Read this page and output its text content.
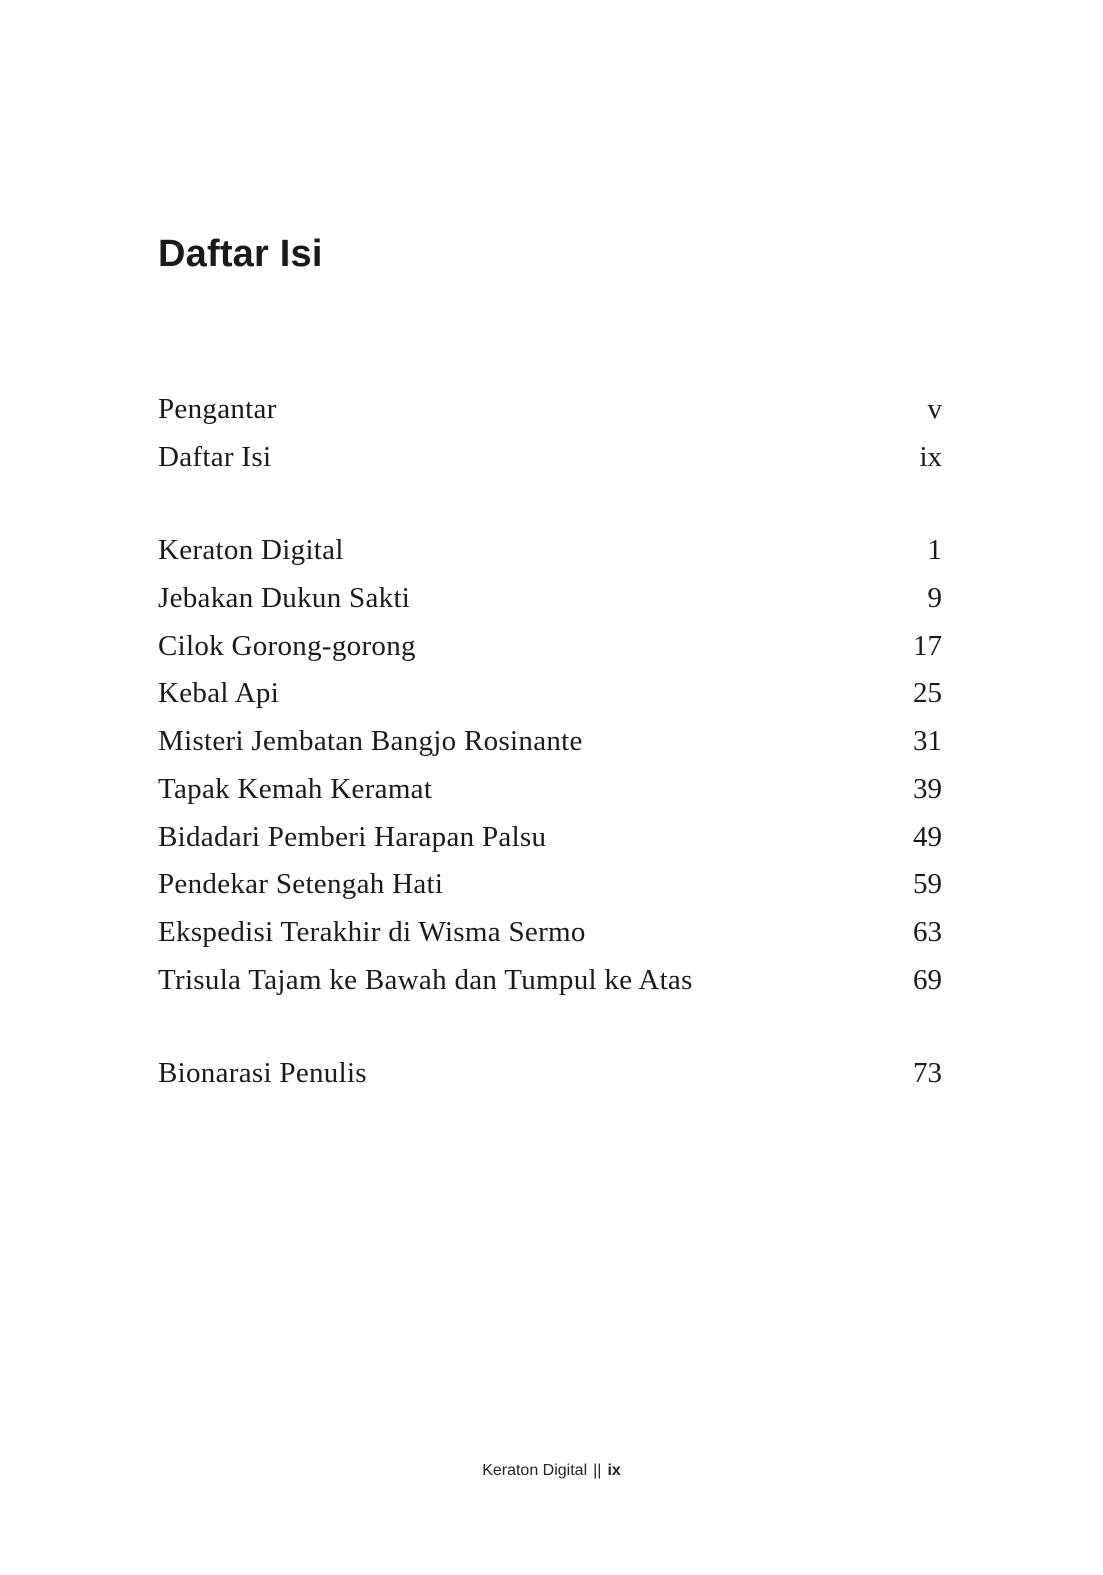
Daftar Isi
Pengantar	v
Daftar Isi	ix
Keraton Digital	1
Jebakan Dukun Sakti	9
Cilok Gorong-gorong	17
Kebal Api	25
Misteri Jembatan Bangjo Rosinante	31
Tapak Kemah Keramat	39
Bidadari Pemberi Harapan Palsu	49
Pendekar Setengah Hati	59
Ekspedisi Terakhir di Wisma Sermo	63
Trisula Tajam ke Bawah dan Tumpul ke Atas	69
Bionarasi Penulis	73
Keraton Digital || ix
